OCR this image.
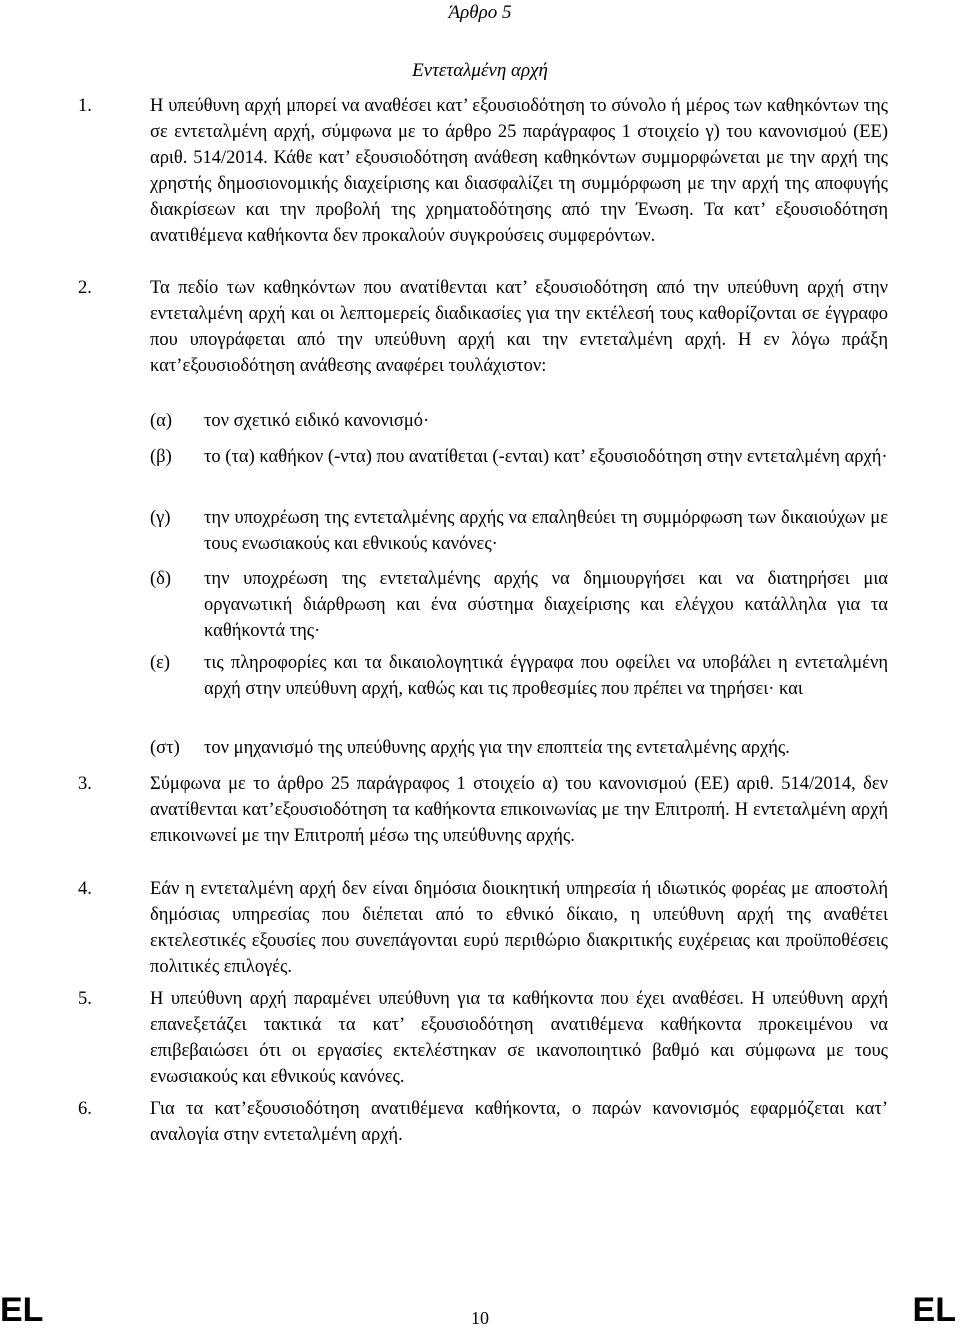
Άρθρο 5
Εντεταλμένη αρχή
1.	Η υπεύθυνη αρχή μπορεί να αναθέσει κατ’ εξουσιοδότηση το σύνολο ή μέρος των καθηκόντων της σε εντεταλμένη αρχή, σύμφωνα με το άρθρο 25 παράγραφος 1 στοιχείο γ) του κανονισμού (ΕΕ) αριθ. 514/2014. Κάθε κατ’ εξουσιοδότηση ανάθεση καθηκόντων συμμορφώνεται με την αρχή της χρηστής δημοσιονομικής διαχείρισης και διασφαλίζει τη συμμόρφωση με την αρχή της αποφυγής διακρίσεων και την προβολή της χρηματοδότησης από την Ένωση. Τα κατ’ εξουσιοδότηση ανατιθέμενα καθήκοντα δεν προκαλούν συγκρούσεις συμφερόντων.
2.	Τα πεδίο των καθηκόντων που ανατίθενται κατ’ εξουσιοδότηση από την υπεύθυνη αρχή στην εντεταλμένη αρχή και οι λεπτομερείς διαδικασίες για την εκτέλεσή τους καθορίζονται σε έγγραφο που υπογράφεται από την υπεύθυνη αρχή και την εντεταλμένη αρχή. Η εν λόγω πράξη κατ’εξουσιοδότηση ανάθεσης αναφέρει τουλάχιστον:
(α) τον σχετικό ειδικό κανονισμό·
(β) το (τα) καθήκον (-ντα) που ανατίθεται (-ενται) κατ’ εξουσιοδότηση στην εντεταλμένη αρχή·
(γ) την υποχρέωση της εντεταλμένης αρχής να επαληθεύει τη συμμόρφωση των δικαιούχων με τους ενωσιακούς και εθνικούς κανόνες·
(δ) την υποχρέωση της εντεταλμένης αρχής να δημιουργήσει και να διατηρήσει μια οργανωτική διάρθρωση και ένα σύστημα διαχείρισης και ελέγχου κατάλληλα για τα καθήκοντά της·
(ε) τις πληροφορίες και τα δικαιολογητικά έγγραφα που οφείλει να υποβάλει η εντεταλμένη αρχή στην υπεύθυνη αρχή, καθώς και τις προθεσμίες που πρέπει να τηρήσει· και
(στ) τον μηχανισμό της υπεύθυνης αρχής για την εποπτεία της εντεταλμένης αρχής.
3.	Σύμφωνα με το άρθρο 25 παράγραφος 1 στοιχείο α) του κανονισμού (ΕΕ) αριθ. 514/2014, δεν ανατίθενται κατ’εξουσιοδότηση τα καθήκοντα επικοινωνίας με την Επιτροπή. Η εντεταλμένη αρχή επικοινωνεί με την Επιτροπή μέσω της υπεύθυνης αρχής.
4.	Εάν η εντεταλμένη αρχή δεν είναι δημόσια διοικητική υπηρεσία ή ιδιωτικός φορέας με αποστολή δημόσιας υπηρεσίας που διέπεται από το εθνικό δίκαιο, η υπεύθυνη αρχή της αναθέτει εκτελεστικές εξουσίες που συνεπάγονται ευρύ περιθώριο διακριτικής ευχέρειας και προϋποθέσεις πολιτικές επιλογές.
5.	Η υπεύθυνη αρχή παραμένει υπεύθυνη για τα καθήκοντα που έχει αναθέσει. Η υπεύθυνη αρχή επανεξετάζει τακτικά τα κατ’ εξουσιοδότηση ανατιθέμενα καθήκοντα προκειμένου να επιβεβαιώσει ότι οι εργασίες εκτελέστηκαν σε ικανοποιητικό βαθμό και σύμφωνα με τους ενωσιακούς και εθνικούς κανόνες.
6.	Για τα κατ’εξουσιοδότηση ανατιθέμενα καθήκοντα, ο παρών κανονισμός εφαρμόζεται κατ’ αναλογία στην εντεταλμένη αρχή.
EL	10	EL
